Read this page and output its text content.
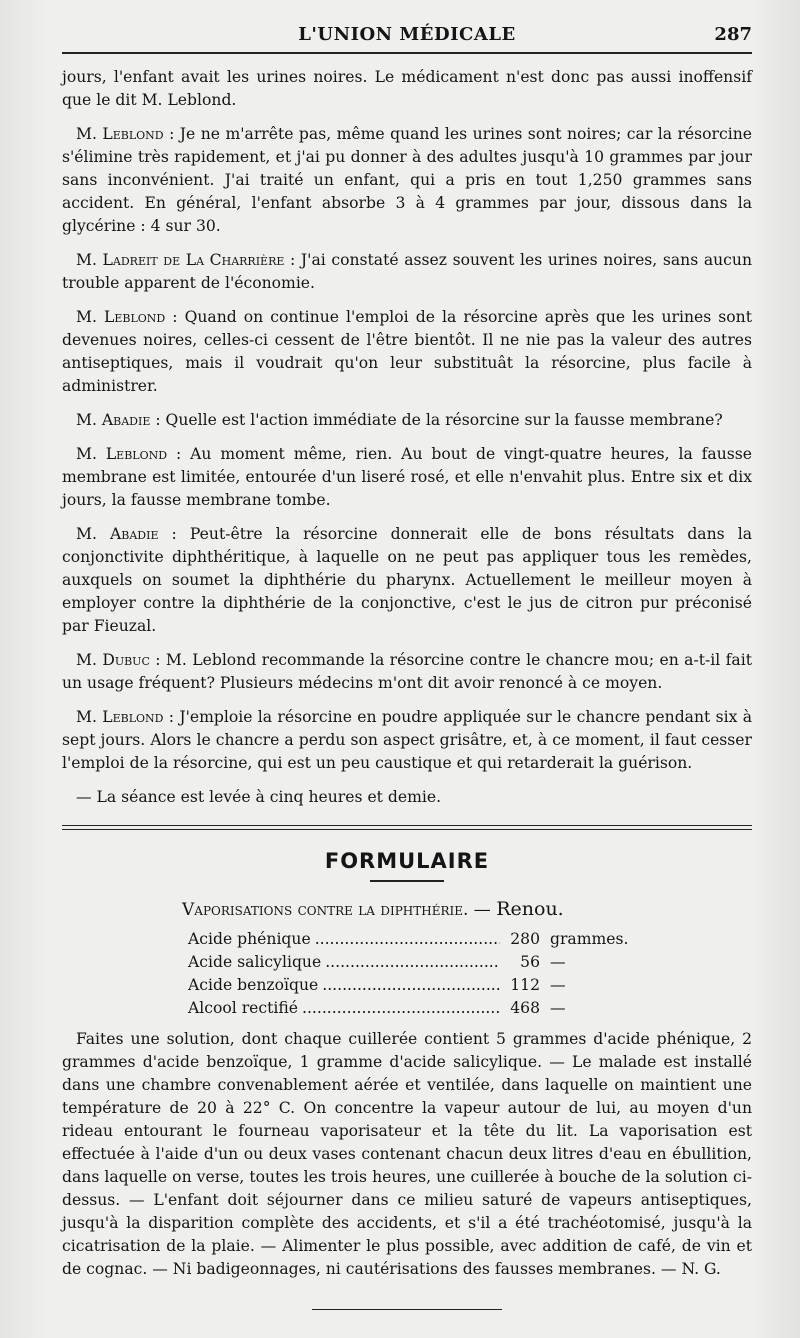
L'UNION MÉDICALE	287

jours, l'enfant avait les urines noires. Le médicament n'est donc pas aussi inoffensif que le dit M. Leblond.

M. Leblond : Je ne m'arrête pas, même quand les urines sont noires; car la résorcine s'élimine très rapidement, et j'ai pu donner à des adultes jusqu'à 10 grammes par jour sans inconvénient. J'ai traité un enfant, qui a pris en tout 1,250 grammes sans accident. En général, l'enfant absorbe 3 à 4 grammes par jour, dissous dans la glycérine : 4 sur 30.

M. Ladreit de La Charrière : J'ai constaté assez souvent les urines noires, sans aucun trouble apparent de l'économie.

M. Leblond : Quand on continue l'emploi de la résorcine après que les urines sont devenues noires, celles-ci cessent de l'être bientôt. Il ne nie pas la valeur des autres antiseptiques, mais il voudrait qu'on leur substituât la résorcine, plus facile à administrer.

M. Abadie : Quelle est l'action immédiate de la résorcine sur la fausse membrane?

M. Leblond : Au moment même, rien. Au bout de vingt-quatre heures, la fausse membrane est limitée, entourée d'un liseré rosé, et elle n'envahit plus. Entre six et dix jours, la fausse membrane tombe.

M. Abadie : Peut-être la résorcine donnerait elle de bons résultats dans la conjonctivite diphthéritique, à laquelle on ne peut pas appliquer tous les remèdes, auxquels on soumet la diphthérie du pharynx. Actuellement le meilleur moyen à employer contre la diphthérie de la conjonctive, c'est le jus de citron pur préconisé par Fieuzal.

M. Dubuc : M. Leblond recommande la résorcine contre le chancre mou; en a-t-il fait un usage fréquent? Plusieurs médecins m'ont dit avoir renoncé à ce moyen.

M. Leblond : J'emploie la résorcine en poudre appliquée sur le chancre pendant six à sept jours. Alors le chancre a perdu son aspect grisâtre, et, à ce moment, il faut cesser l'emploi de la résorcine, qui est un peu caustique et qui retarderait la guérison.

— La séance est levée à cinq heures et demie.

FORMULAIRE
Vaporisations contre la diphthérie. — Renou.
Acide phénique .....	280 grammes.
Acide salicylique .....	56 —
Acide benzoïque .....	112 —
Alcool rectifié .....	468 —

Faites une solution, dont chaque cuillerée contient 5 grammes d'acide phénique, 2 grammes d'acide benzoïque, 1 gramme d'acide salicylique. — Le malade est installé dans une chambre convenablement aérée et ventilée, dans laquelle on maintient une température de 20 à 22° C. On concentre la vapeur autour de lui, au moyen d'un rideau entourant le fourneau vaporisateur et la tête du lit. La vaporisation est effectuée à l'aide d'un ou deux vases contenant chacun deux litres d'eau en ébullition, dans laquelle on verse, toutes les trois heures, une cuillerée à bouche de la solution ci-dessus. — L'enfant doit séjourner dans ce milieu saturé de vapeurs antiseptiques, jusqu'à la disparition complète des accidents, et s'il a été trachéotomisé, jusqu'à la cicatrisation de la plaie. — Alimenter le plus possible, avec addition de café, de vin et de cognac. — Ni badigeonnages, ni cautérisations des fausses membranes. — N. G.
